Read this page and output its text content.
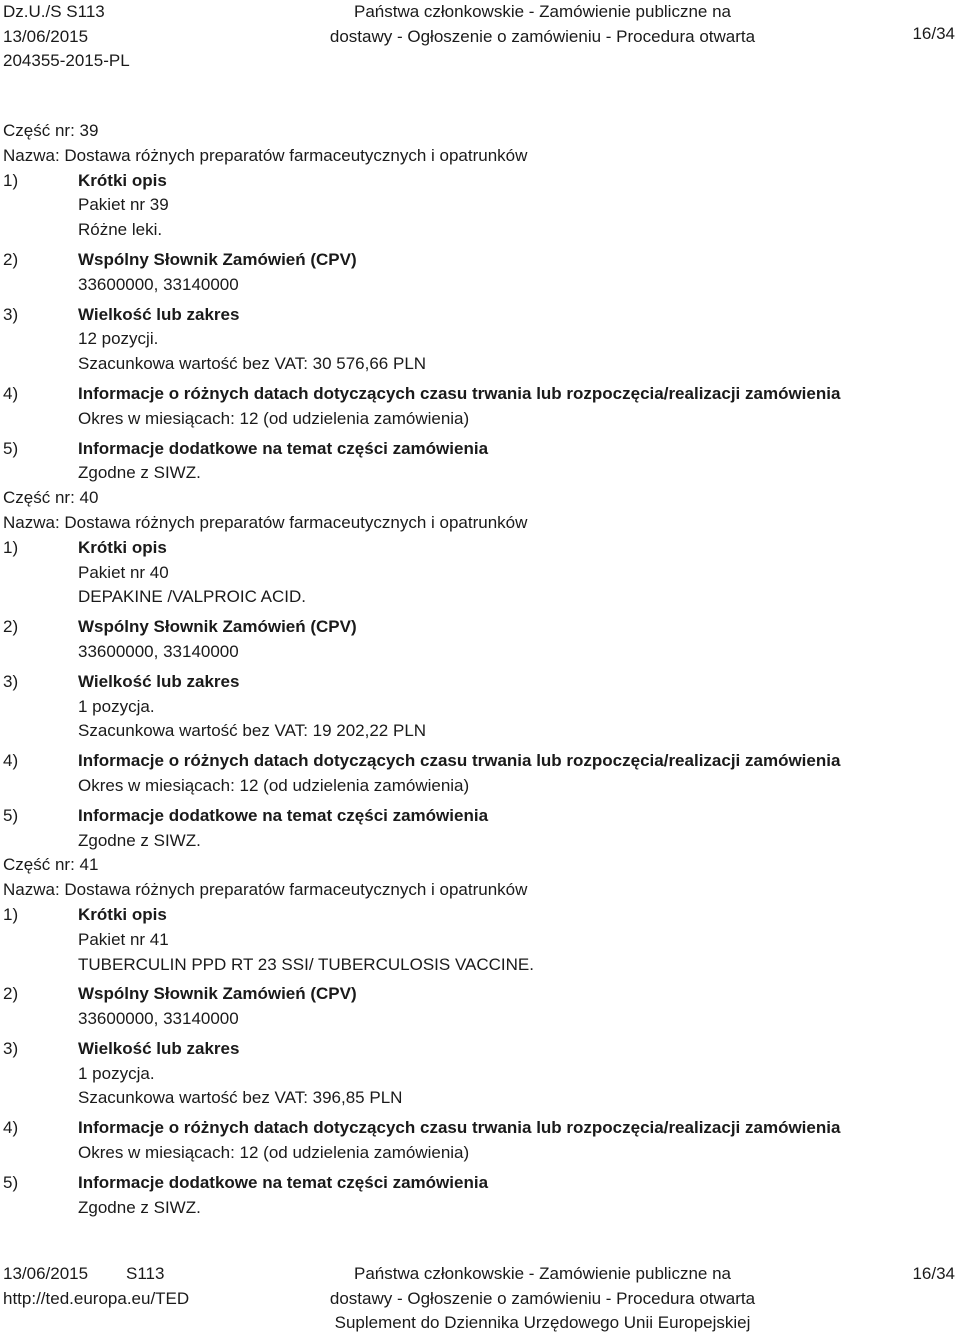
Dz.U./S S113
13/06/2015
204355-2015-PL
Państwa członkowskie - Zamówienie publiczne na
dostawy - Ogłoszenie o zamówieniu - Procedura otwarta	16/34
Część nr: 39
Nazwa: Dostawa różnych preparatów farmaceutycznych i opatrunków
1)	Krótki opis
Pakiet nr 39
Różne leki.
2)	Wspólny Słownik Zamówień (CPV)
33600000, 33140000
3)	Wielkość lub zakres
12 pozycji.
Szacunkowa wartość bez VAT: 30 576,66 PLN
4)	Informacje o różnych datach dotyczących czasu trwania lub rozpoczęcia/realizacji zamówienia
Okres w miesiącach: 12 (od udzielenia zamówienia)
5)	Informacje dodatkowe na temat części zamówienia
Zgodne z SIWZ.
Część nr: 40
Nazwa: Dostawa różnych preparatów farmaceutycznych i opatrunków
1)	Krótki opis
Pakiet nr 40
DEPAKINE /VALPROIC ACID.
2)	Wspólny Słownik Zamówień (CPV)
33600000, 33140000
3)	Wielkość lub zakres
1 pozycja.
Szacunkowa wartość bez VAT: 19 202,22 PLN
4)	Informacje o różnych datach dotyczących czasu trwania lub rozpoczęcia/realizacji zamówienia
Okres w miesiącach: 12 (od udzielenia zamówienia)
5)	Informacje dodatkowe na temat części zamówienia
Zgodne z SIWZ.
Część nr: 41
Nazwa: Dostawa różnych preparatów farmaceutycznych i opatrunków
1)	Krótki opis
Pakiet nr 41
TUBERCULIN PPD RT 23 SSI/ TUBERCULOSIS VACCINE.
2)	Wspólny Słownik Zamówień (CPV)
33600000, 33140000
3)	Wielkość lub zakres
1 pozycja.
Szacunkowa wartość bez VAT: 396,85 PLN
4)	Informacje o różnych datach dotyczących czasu trwania lub rozpoczęcia/realizacji zamówienia
Okres w miesiącach: 12 (od udzielenia zamówienia)
5)	Informacje dodatkowe na temat części zamówienia
Zgodne z SIWZ.
13/06/2015
http://ted.europa.eu/TED
S113	Państwa członkowskie - Zamówienie publiczne na
dostawy - Ogłoszenie o zamówieniu - Procedura otwarta
Suplement do Dziennika Urzędowego Unii Europejskiej
16/34
